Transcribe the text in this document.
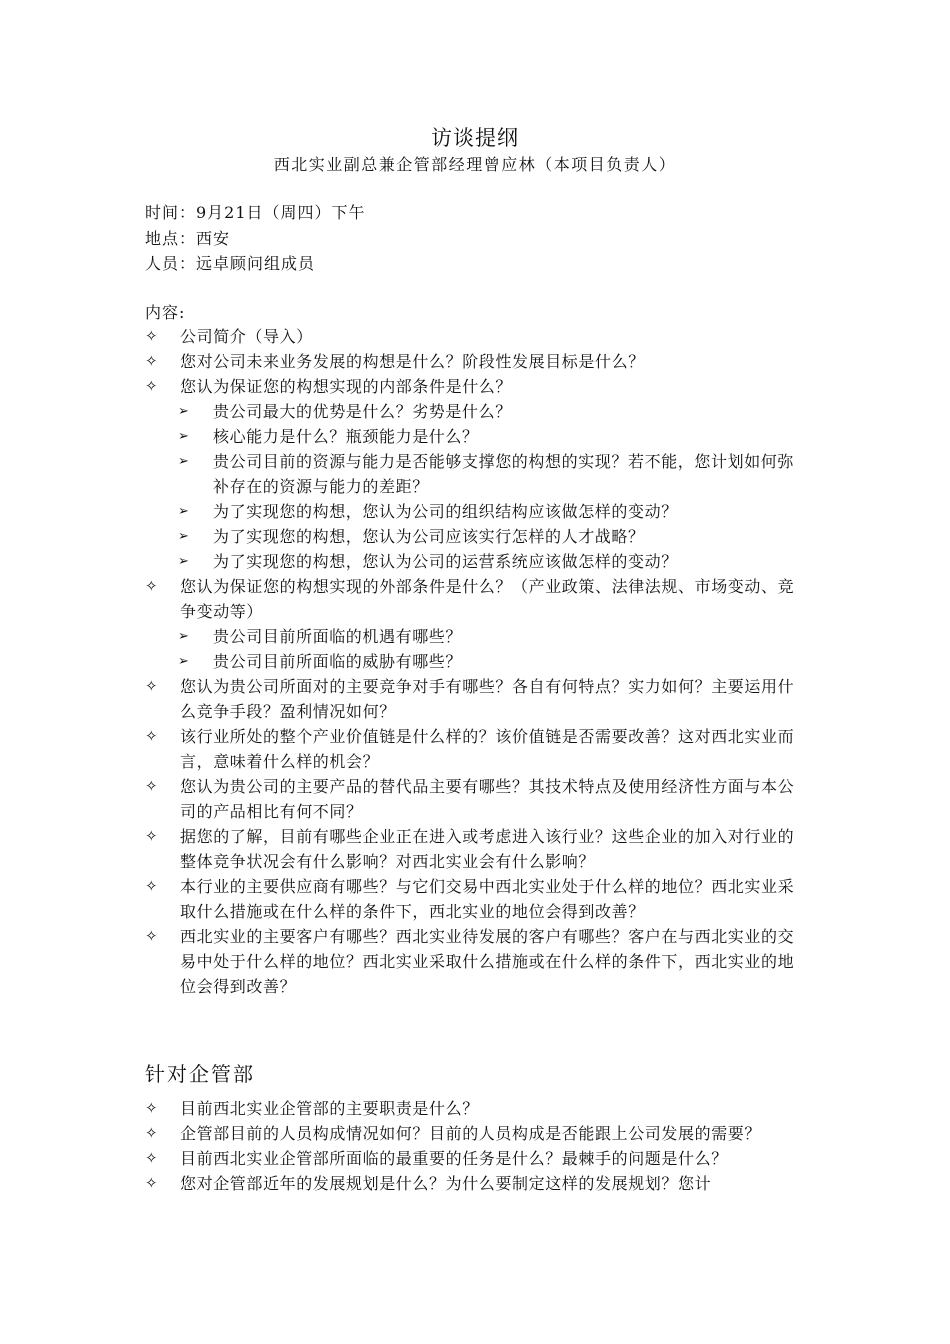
访谈提纲
西北实业副总兼企管部经理曾应林（本项目负责人）
时间：9月21日（周四）下午
地点：西安
人员：远卓顾问组成员
内容:
✧ 公司简介（导入）
✧ 您对公司未来业务发展的构想是什么？阶段性发展目标是什么？
✧ 您认为保证您的构想实现的内部条件是什么？
➢ 贵公司最大的优势是什么？劣势是什么？
➢ 核心能力是什么？瓶颈能力是什么？
➢ 贵公司目前的资源与能力是否能够支撑您的构想的实现？若不能，您计划如何弥补存在的资源与能力的差距？
➢ 为了实现您的构想，您认为公司的组织结构应该做怎样的变动？
➢ 为了实现您的构想，您认为公司应该实行怎样的人才战略？
➢ 为了实现您的构想，您认为公司的运营系统应该做怎样的变动？
✧ 您认为保证您的构想实现的外部条件是什么？（产业政策、法律法规、市场变动、竞争变动等）
➢ 贵公司目前所面临的机遇有哪些？
➢ 贵公司目前所面临的威胁有哪些？
✧ 您认为贵公司所面对的主要竞争对手有哪些？各自有何特点？实力如何？主要运用什么竞争手段？盈利情况如何？
✧ 该行业所处的整个产业价值链是什么样的？该价值链是否需要改善？这对西北实业而言，意味着什么样的机会？
✧ 您认为贵公司的主要产品的替代品主要有哪些？其技术特点及使用经济性方面与本公司的产品相比有何不同？
✧ 据您的了解，目前有哪些企业正在进入或考虑进入该行业？这些企业的加入对行业的整体竞争状况会有什么影响？对西北实业会有什么影响？
✧ 本行业的主要供应商有哪些？与它们交易中西北实业处于什么样的地位？西北实业采取什么措施或在什么样的条件下，西北实业的地位会得到改善？
✧ 西北实业的主要客户有哪些？西北实业待发展的客户有哪些？客户在与西北实业的交易中处于什么样的地位？西北实业采取什么措施或在什么样的条件下，西北实业的地位会得到改善？
针对企管部
✧ 目前西北实业企管部的主要职责是什么？
✧ 企管部目前的人员构成情况如何？目前的人员构成是否能跟上公司发展的需要？
✧ 目前西北实业企管部所面临的最重要的任务是什么？最棘手的问题是什么？
✧ 您对企管部近年的发展规划是什么？为什么要制定这样的发展规划？您计
